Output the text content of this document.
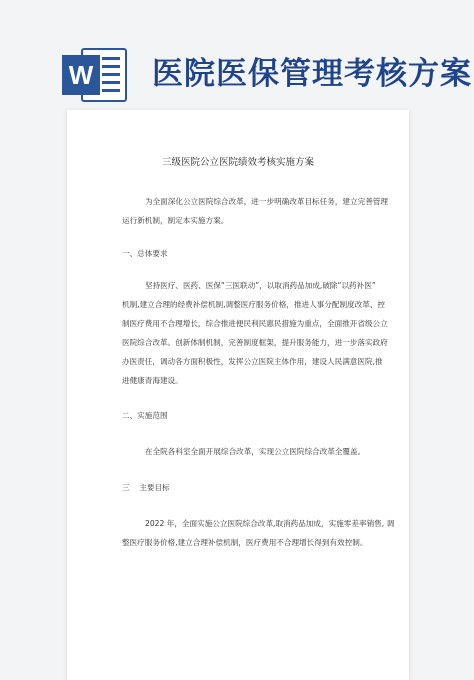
W 医院医保管理考核方案
三级医院公立医院绩效考核实施方案
为全面深化公立医院综合改革，进一步明确改革目标任务，建立完善管理
运行新机制，制定本实施方案。
一、总体要求
坚持医疗、医药、医保“三医联动”，以取消药品加成,破除“以药补医”
机制,建立合理的经费补偿机制,调整医疗服务价格，推进人事分配制度改革、控
制医疗费用不合理增长，综合推进便民利民惠民措施为重点，全面推开省级公立
医院综合改革。创新体制机制，完善制度框架，提升服务能力，进一步落实政府
办医责任，调动各方面积极性，发挥公立医院主体作用，建设人民满意医院,推
进健康青海建设。
二、实施范围
在全院各科室全面开展综合改革，实现公立医院综合改革全覆盖。
三    主要目标
2022 年，全面实施公立医院综合改革,取消药品加成，实施零差率销售, 调
整医疗服务价格,建立合理补偿机制，医疗费用不合理增长得到有效控制。
